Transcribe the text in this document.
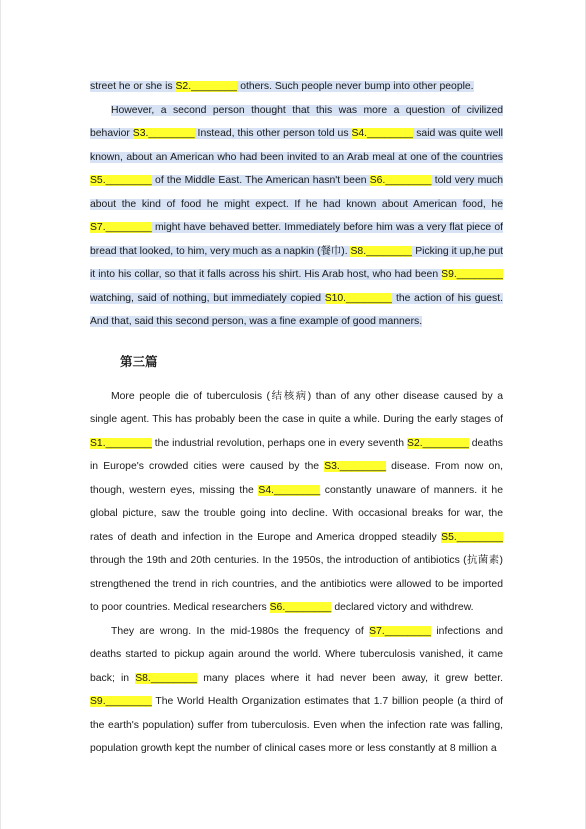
street he or she is S2.________ others. Such people never bump into other people.

However, a second person thought that this was more a question of civilized behavior S3.________ Instead, this other person told us S4.________ said was quite well known, about an American who had been invited to an Arab meal at one of the countries S5.________ of the Middle East. The American hasn't been S6.________ told very much about the kind of food he might expect. If he had known about American food, he S7.________ might have behaved better. Immediately before him was a very flat piece of bread that looked, to him, very much as a napkin (餐巾). S8.________ Picking it up,he put it into his collar, so that it falls across his shirt. His Arab host, who had been S9.________ watching, said of nothing, but immediately copied S10.________ the action of his guest. And that, said this second person, was a fine example of good manners.

第三篇

More people die of tuberculosis (结核病) than of any other disease caused by a single agent. This has probably been the case in quite a while. During the early stages of S1.________ the industrial revolution, perhaps one in every seventh S2.________ deaths in Europe's crowded cities were caused by the S3.________ disease. From now on, though, western eyes, missing the S4.________ constantly unaware of manners. it he global picture, saw the trouble going into decline. With occasional breaks for war, the rates of death and infection in the Europe and America dropped steadily S5.________ through the 19th and 20th centuries. In the 1950s, the introduction of antibiotics (抗菌素) strengthened the trend in rich countries, and the antibiotics were allowed to be imported to poor countries. Medical researchers S6.________ declared victory and withdrew.

They are wrong. In the mid-1980s the frequency of S7.________ infections and deaths started to pickup again around the world. Where tuberculosis vanished, it came back; in S8.________ many places where it had never been away, it grew better. S9.________ The World Health Organization estimates that 1.7 billion people (a third of the earth's population) suffer from tuberculosis. Even when the infection rate was falling, population growth kept the number of clinical cases more or less constantly at 8 million a
